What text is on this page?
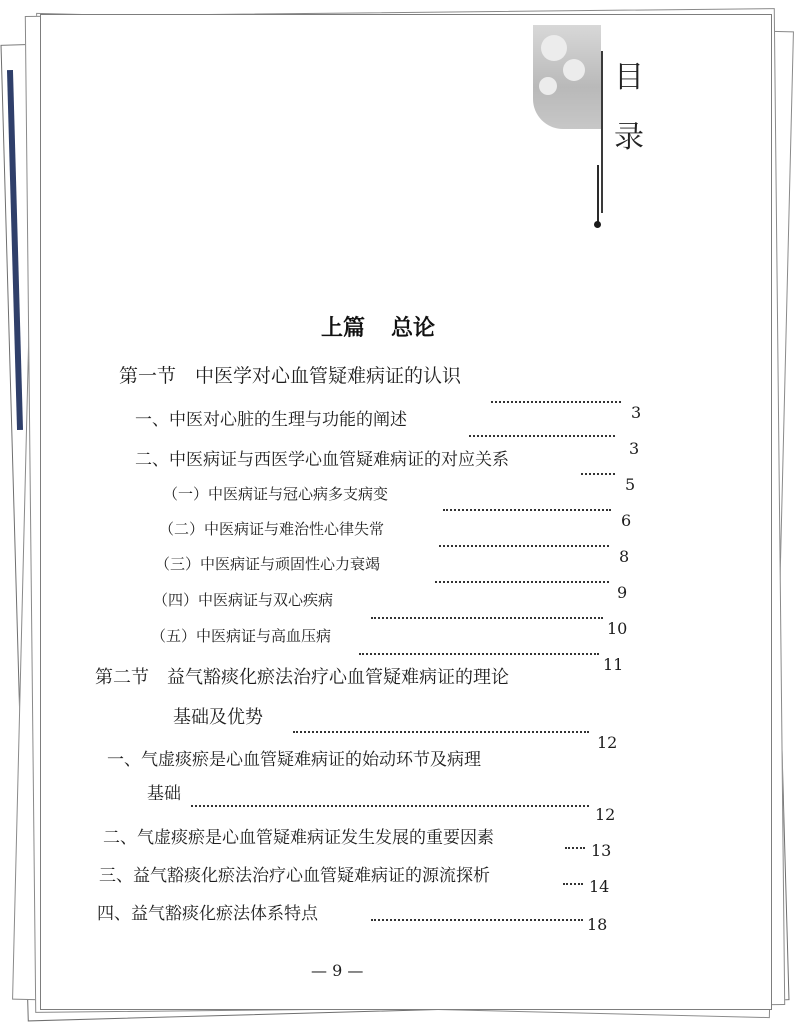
目
录
上篇 总论
第一节　中医学对心血管疑难病证的认识
3
一、中医对心脏的生理与功能的阐述
3
二、中医病证与西医学心血管疑难病证的对应关系
5
（一）中医病证与冠心病多支病变
6
（二）中医病证与难治性心律失常
8
（三）中医病证与顽固性心力衰竭
9
（四）中医病证与双心疾病
10
（五）中医病证与高血压病
11
第二节　益气豁痰化瘀法治疗心血管疑难病证的理论
基础及优势
12
一、气虚痰瘀是心血管疑难病证的始动环节及病理
基础
12
二、气虚痰瘀是心血管疑难病证发生发展的重要因素
13
三、益气豁痰化瘀法治疗心血管疑难病证的源流探析
14
四、益气豁痰化瘀法体系特点
18
— 9 —
